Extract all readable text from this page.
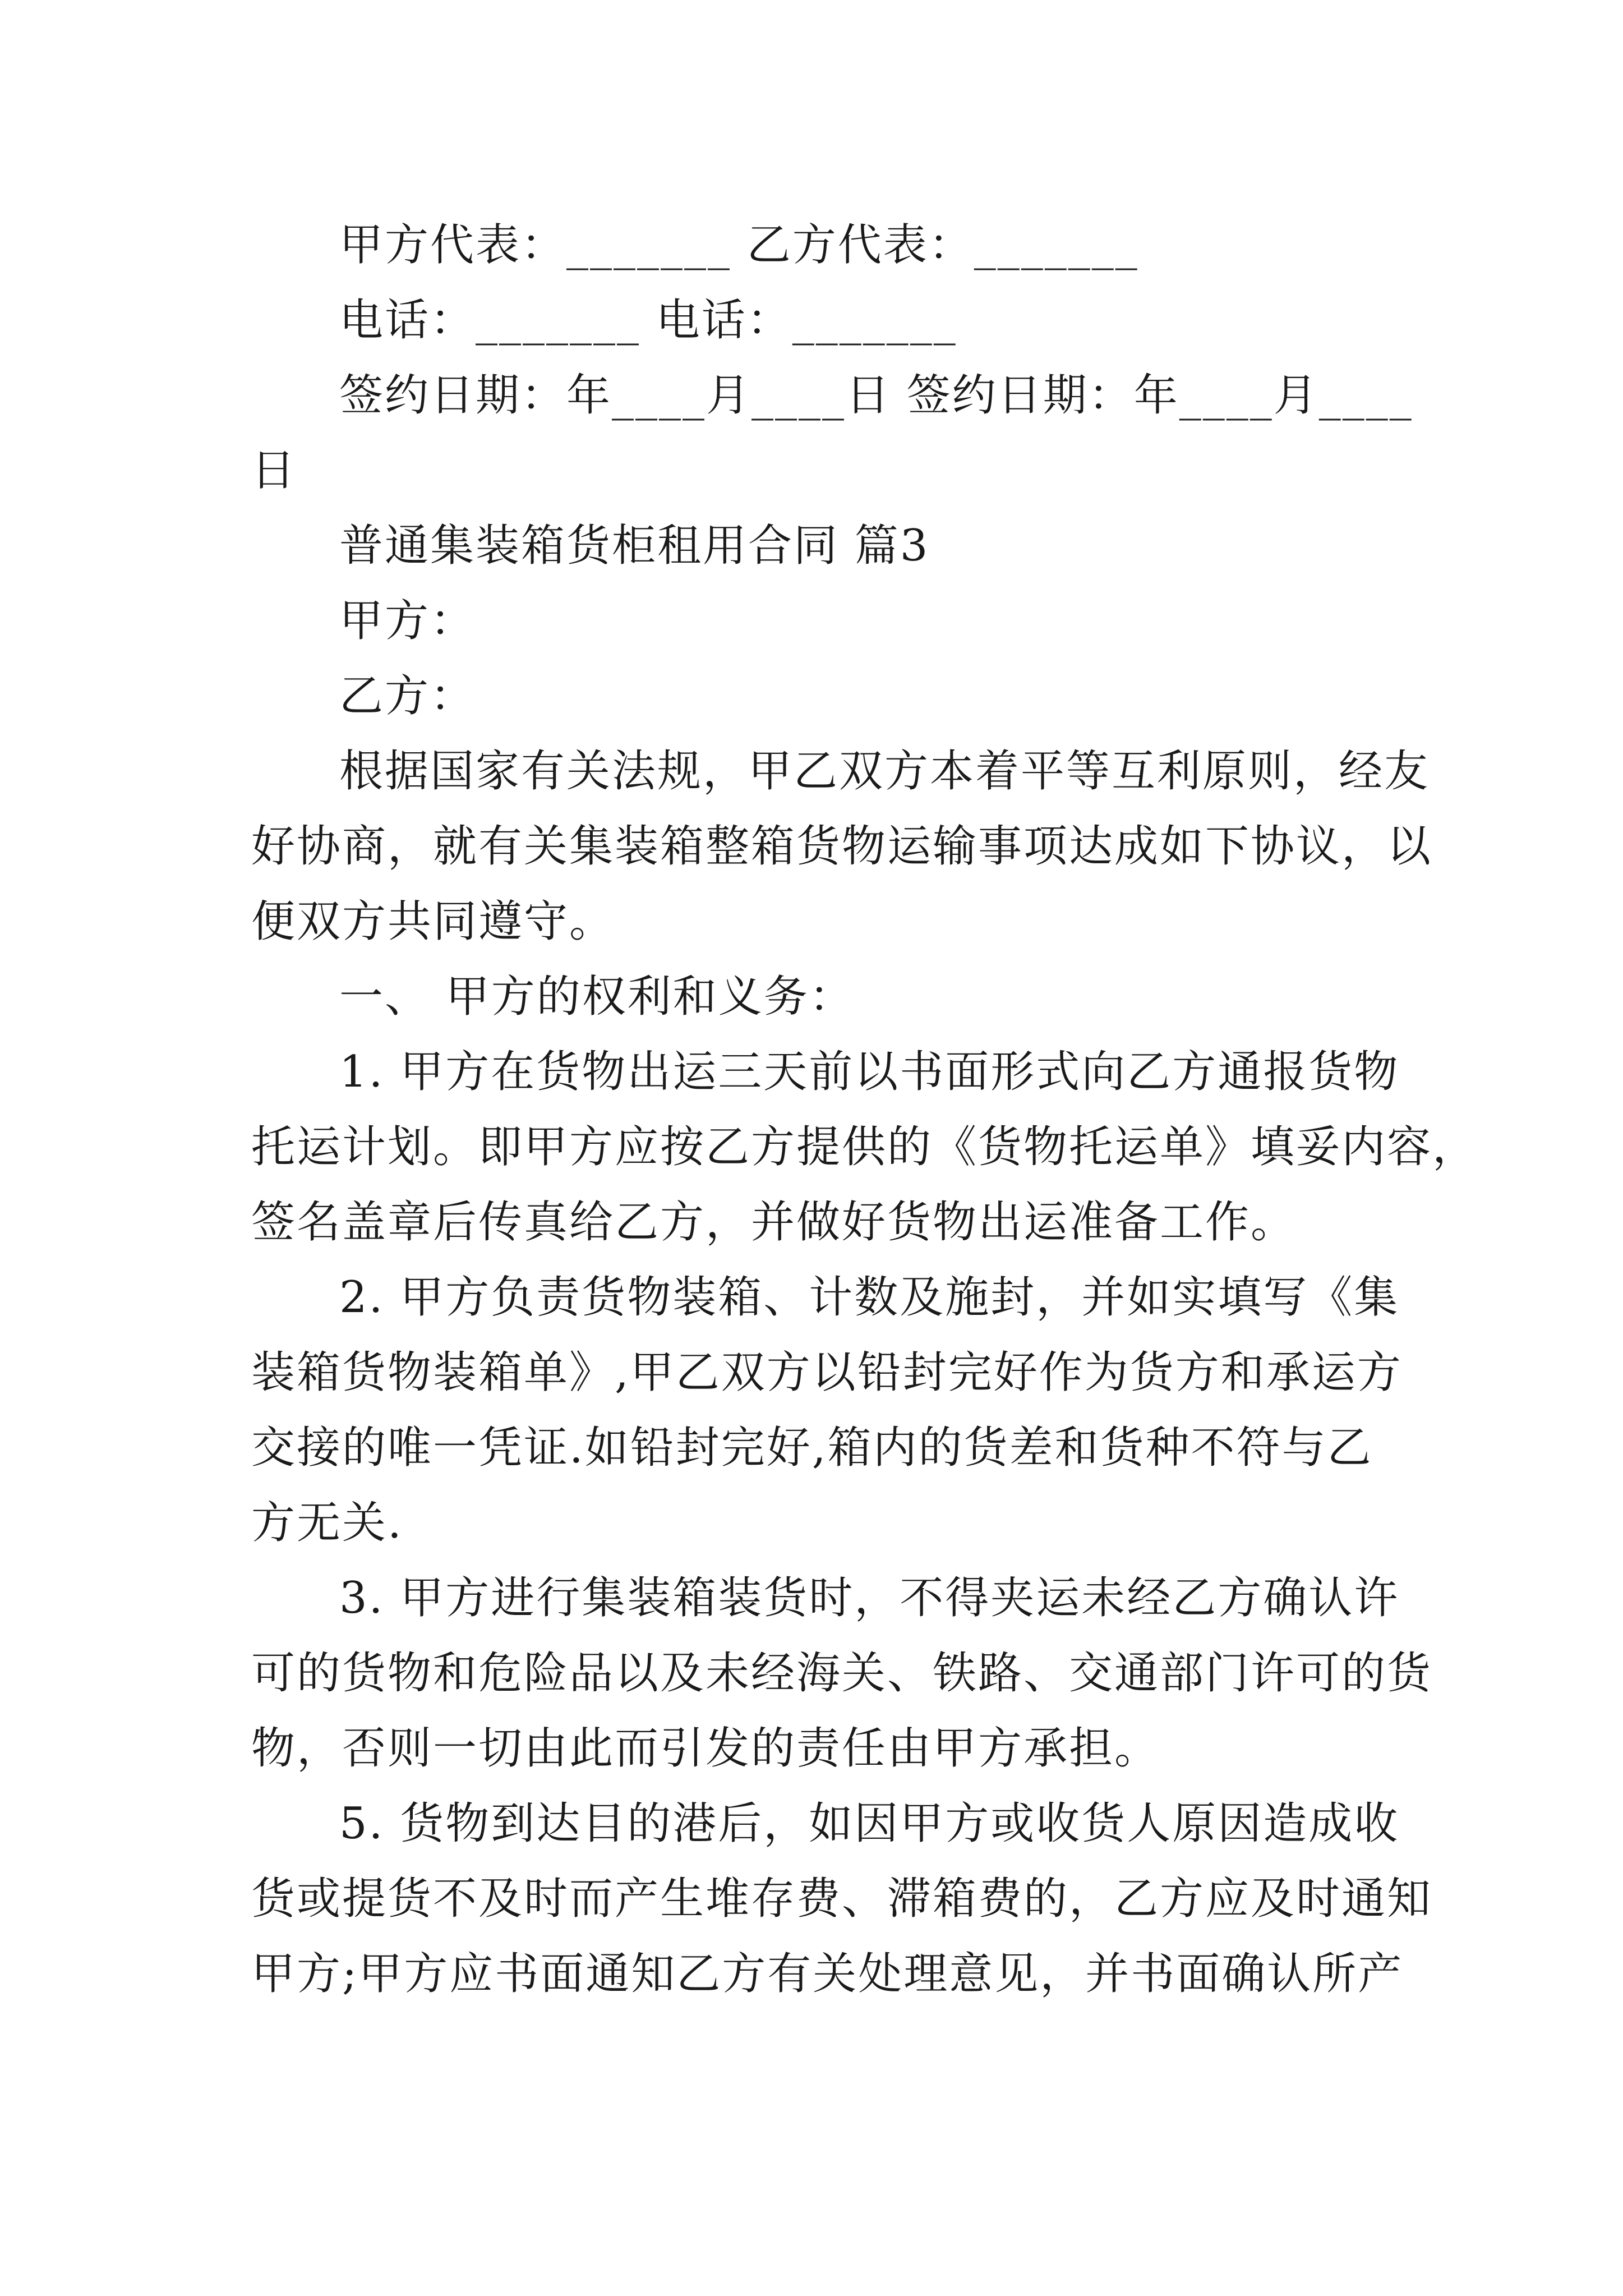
甲方代表：_______ 乙方代表：_______
电话：_______ 电话：_______
签约日期：年____月____日 签约日期：年____月____
日
普通集装箱货柜租用合同 篇3
甲方：
乙方：
根据国家有关法规，甲乙双方本着平等互利原则，经友
好协商，就有关集装箱整箱货物运输事项达成如下协议，以
便双方共同遵守。
一、 甲方的权利和义务：
1. 甲方在货物出运三天前以书面形式向乙方通报货物
托运计划。即甲方应按乙方提供的《货物托运单》填妥内容，
签名盖章后传真给乙方，并做好货物出运准备工作。
2. 甲方负责货物装箱、计数及施封，并如实填写《集
装箱货物装箱单》,甲乙双方以铅封完好作为货方和承运方
交接的唯一凭证.如铅封完好,箱内的货差和货种不符与乙
方无关.
3. 甲方进行集装箱装货时，不得夹运未经乙方确认许
可的货物和危险品以及未经海关、铁路、交通部门许可的货
物，否则一切由此而引发的责任由甲方承担。
5. 货物到达目的港后，如因甲方或收货人原因造成收
货或提货不及时而产生堆存费、滞箱费的，乙方应及时通知
甲方;甲方应书面通知乙方有关处理意见，并书面确认所产
